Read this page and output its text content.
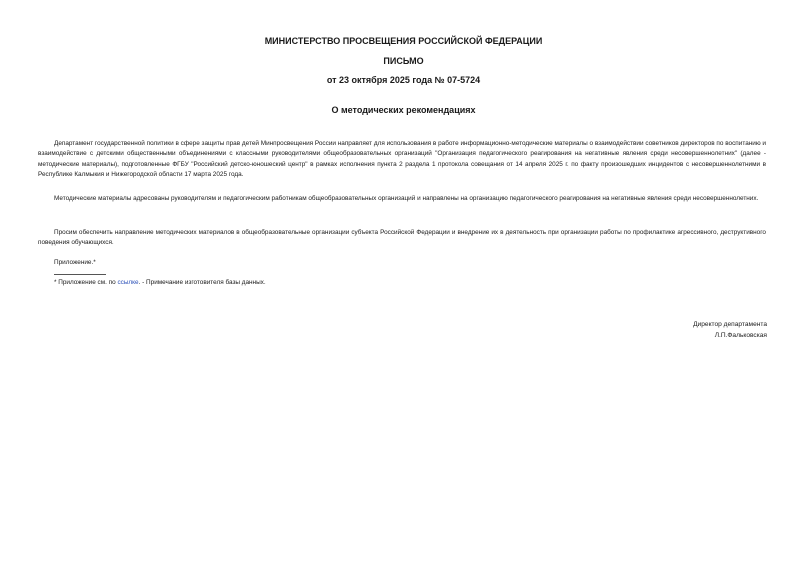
МИНИСТЕРСТВО ПРОСВЕЩЕНИЯ РОССИЙСКОЙ ФЕДЕРАЦИИ
ПИСЬМО
от 23 октября 2025 года № 07-5724
О методических рекомендациях

Департамент государственной политики в сфере защиты прав детей Минпросвещения России направляет для использования в работе информационно-методические материалы о взаимодействии советников директоров по воспитанию и взаимодействие с детскими общественными объединениями с классными руководителями общеобразовательных организаций "Организация педагогического реагирования на негативные явления среди несовершеннолетних" (далее - методические материалы), подготовленные ФГБУ "Российский детско-юношеский центр" в рамках исполнения пункта 2 раздела 1 протокола совещания от 14 апреля 2025 г. по факту произошедших инцидентов с несовершеннолетними в Республике Калмыкия и Нижегородской области 17 марта 2025 года.

Методические материалы адресованы руководителям и педагогическим работникам общеобразовательных организаций и направлены на организацию педагогического реагирования на негативные явления среди несовершеннолетних.

Просим обеспечить направление методических материалов в общеобразовательные организации субъекта Российской Федерации и внедрение их в деятельность при организации работы по профилактике агрессивного, деструктивного поведения обучающихся.

Приложение.*
* Приложение см. по ссылке. - Примечание изготовителя базы данных.
Директор департамента
Л.П.Фальковская
